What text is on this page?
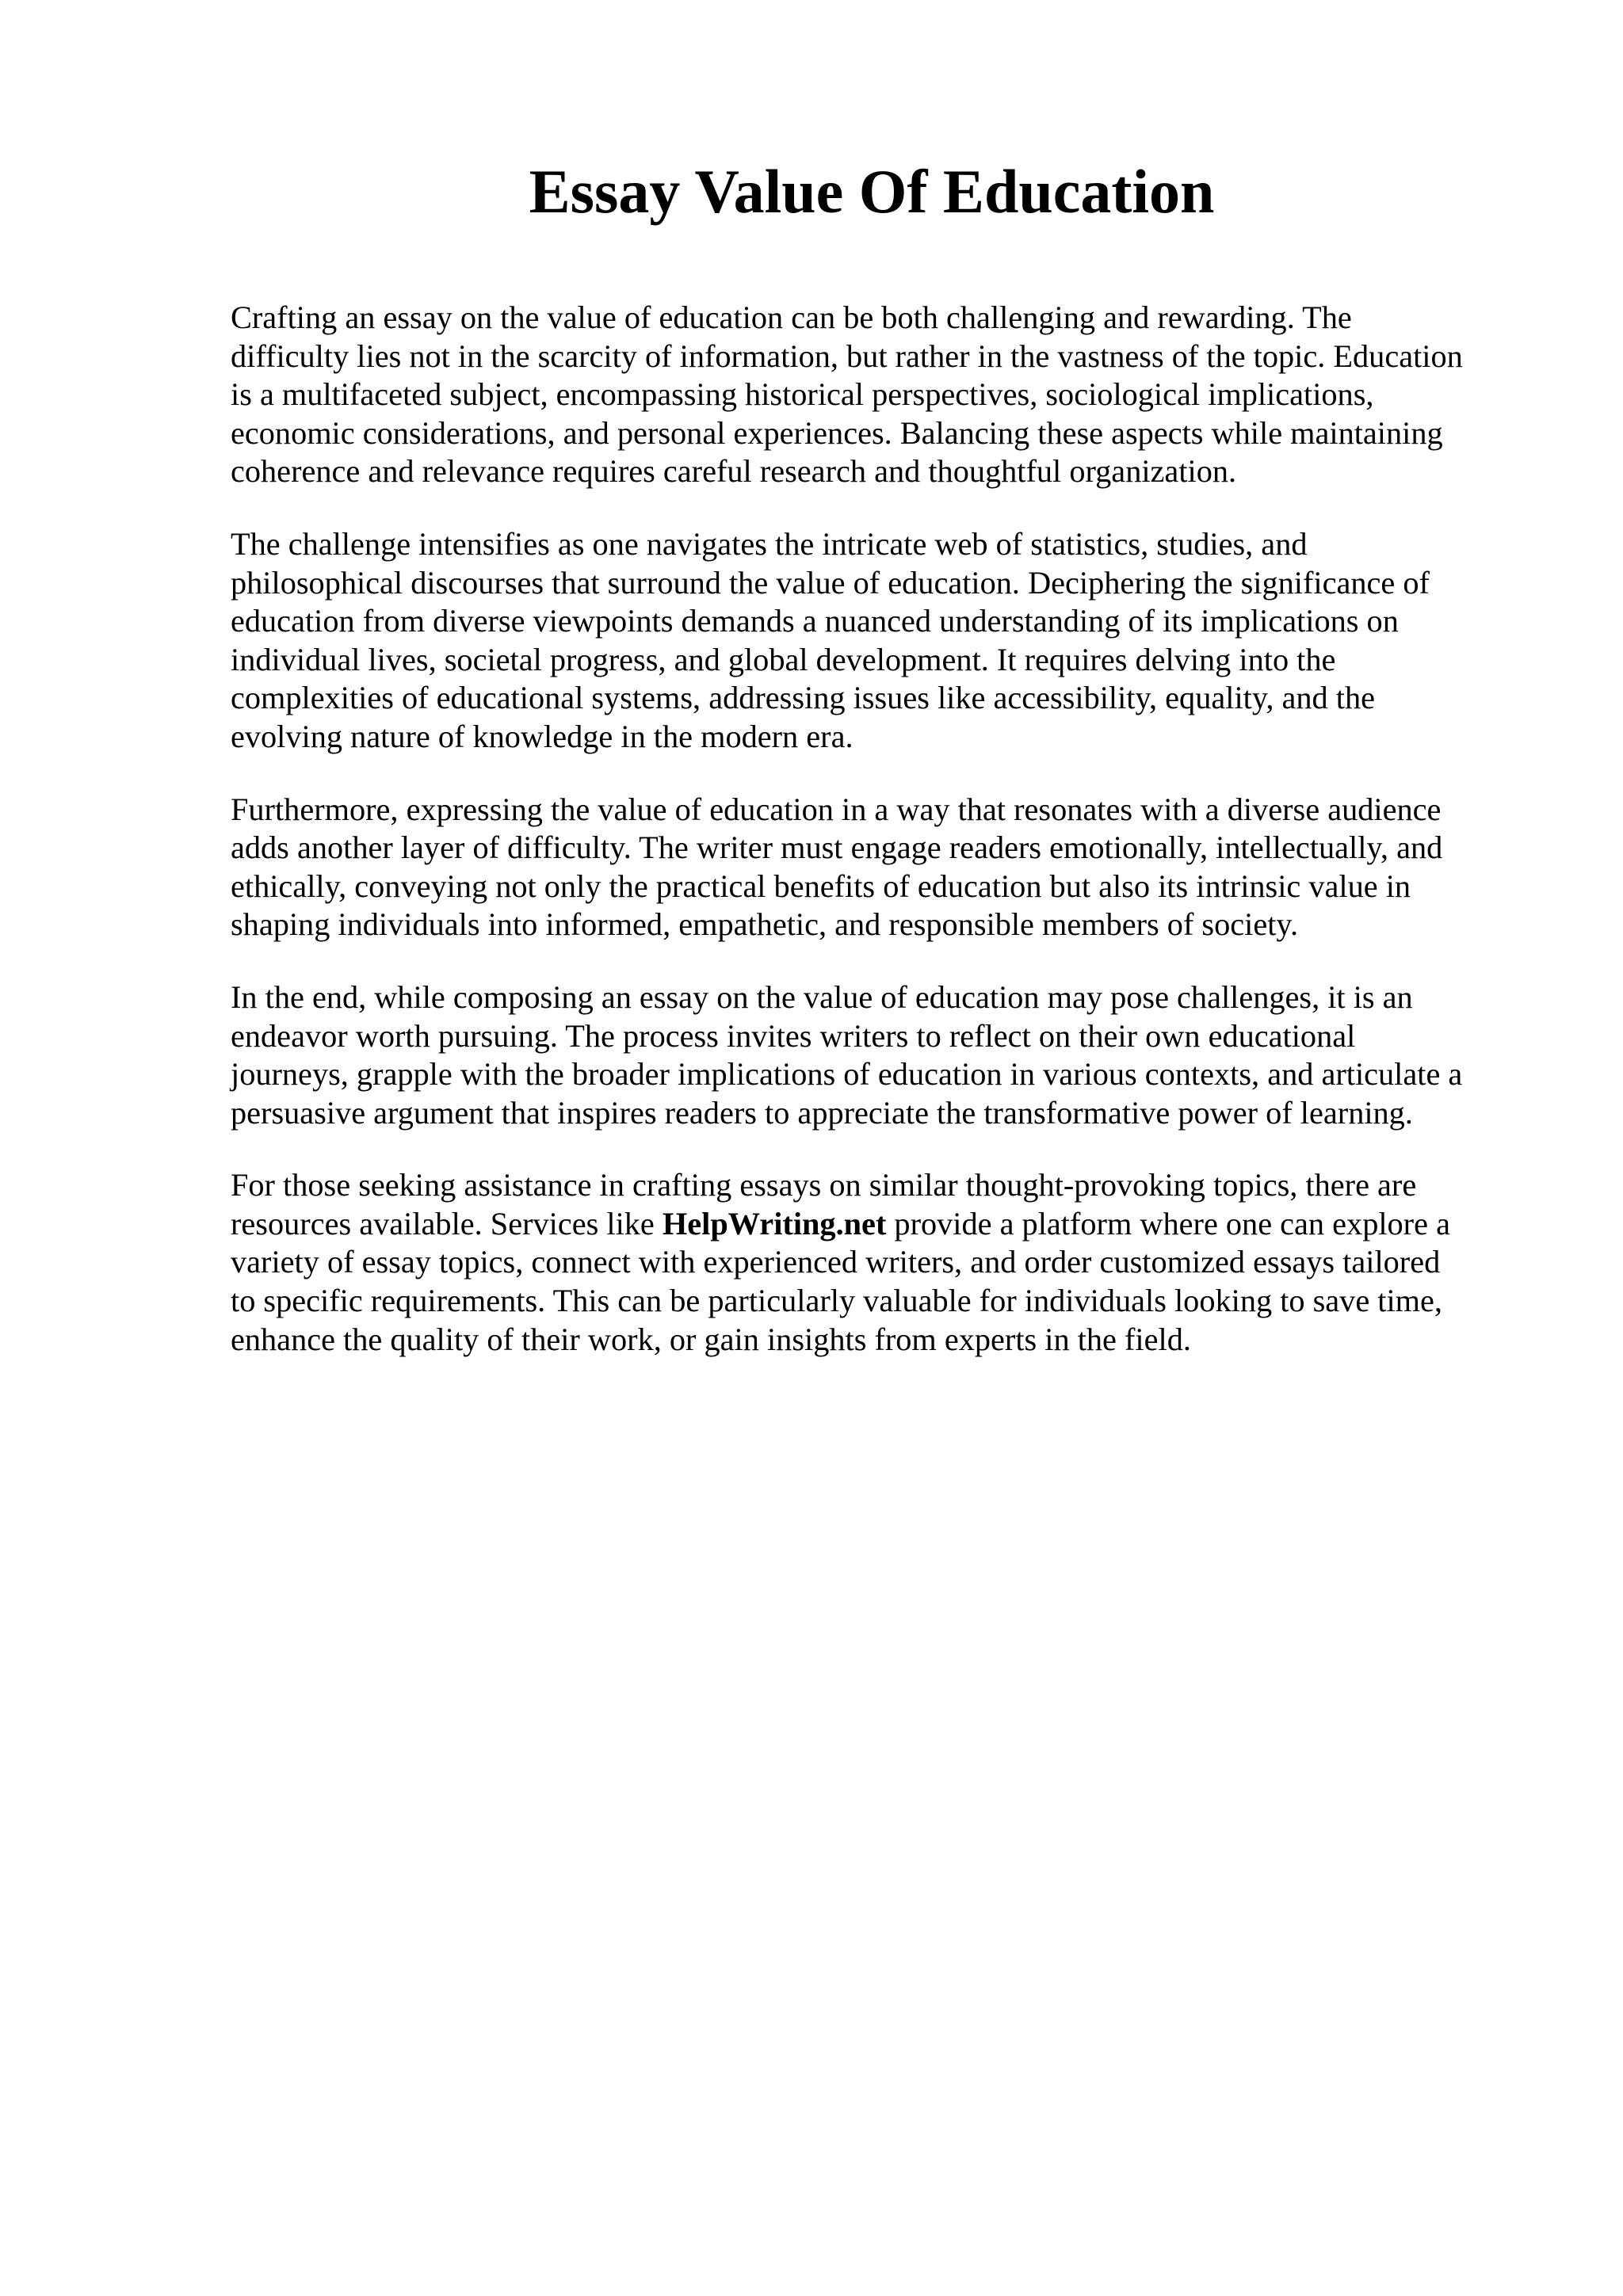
Essay Value Of Education

Crafting an essay on the value of education can be both challenging and rewarding. The
difficulty lies not in the scarcity of information, but rather in the vastness of the topic. Education
is a multifaceted subject, encompassing historical perspectives, sociological implications,
economic considerations, and personal experiences. Balancing these aspects while maintaining
coherence and relevance requires careful research and thoughtful organization.

The challenge intensifies as one navigates the intricate web of statistics, studies, and
philosophical discourses that surround the value of education. Deciphering the significance of
education from diverse viewpoints demands a nuanced understanding of its implications on
individual lives, societal progress, and global development. It requires delving into the
complexities of educational systems, addressing issues like accessibility, equality, and the
evolving nature of knowledge in the modern era.

Furthermore, expressing the value of education in a way that resonates with a diverse audience
adds another layer of difficulty. The writer must engage readers emotionally, intellectually, and
ethically, conveying not only the practical benefits of education but also its intrinsic value in
shaping individuals into informed, empathetic, and responsible members of society.

In the end, while composing an essay on the value of education may pose challenges, it is an
endeavor worth pursuing. The process invites writers to reflect on their own educational
journeys, grapple with the broader implications of education in various contexts, and articulate a
persuasive argument that inspires readers to appreciate the transformative power of learning.

For those seeking assistance in crafting essays on similar thought-provoking topics, there are
resources available. Services like HelpWriting.net provide a platform where one can explore a
variety of essay topics, connect with experienced writers, and order customized essays tailored
to specific requirements. This can be particularly valuable for individuals looking to save time,
enhance the quality of their work, or gain insights from experts in the field.
